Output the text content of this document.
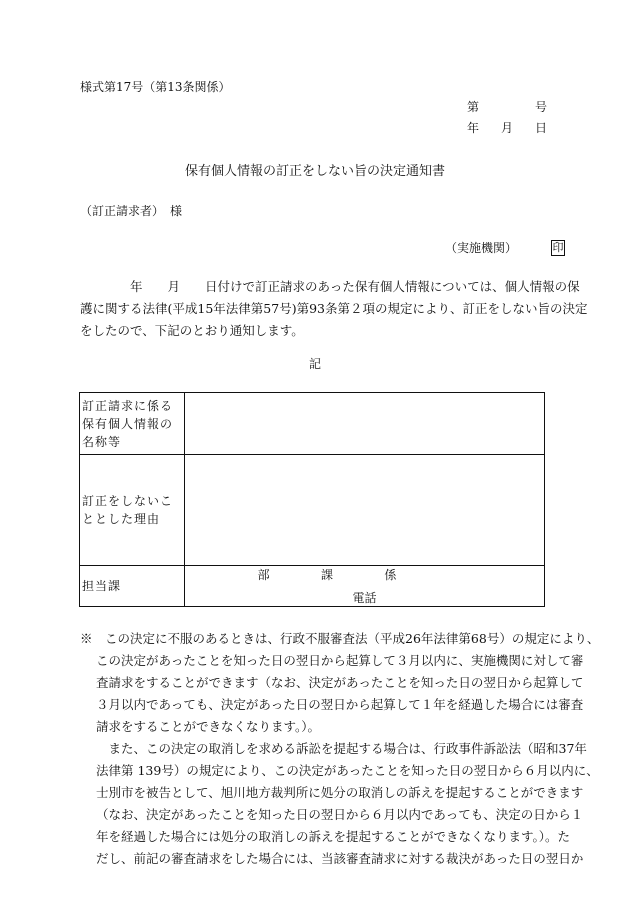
様式第17号（第13条関係）
第	号
年 月 日
保有個人情報の訂正をしない旨の決定通知書
（訂正請求者）　様
（実施機関）	印
　　　　年　　月　　日付けで訂正請求のあった保有個人情報については、個人情報の保
護に関する法律(平成15年法律第57号)第93条第２項の規定により、訂正をしない旨の決定
をしたので、下記のとおり通知します。
記
訂正請求に係る保有個人情報の名称等	
訂正をしないこととした理由	
担当課	部 課 係
電話
※　この決定に不服のあるときは、行政不服審査法（平成26年法律第68号）の規定により、
この決定があったことを知った日の翌日から起算して３月以内に、実施機関に対して審
査請求をすることができます（なお、決定があったことを知った日の翌日から起算して
３月以内であっても、決定があった日の翌日から起算して１年を経過した場合には審査
請求をすることができなくなります。）。
　また、この決定の取消しを求める訴訟を提起する場合は、行政事件訴訟法（昭和37年
法律第 139号）の規定により、この決定があったことを知った日の翌日から６月以内に、
士別市を被告として、旭川地方裁判所に処分の取消しの訴えを提起することができます
（なお、決定があったことを知った日の翌日から６月以内であっても、決定の日から１
年を経過した場合には処分の取消しの訴えを提起することができなくなります。）。た
だし、前記の審査請求をした場合には、当該審査請求に対する裁決があった日の翌日か
